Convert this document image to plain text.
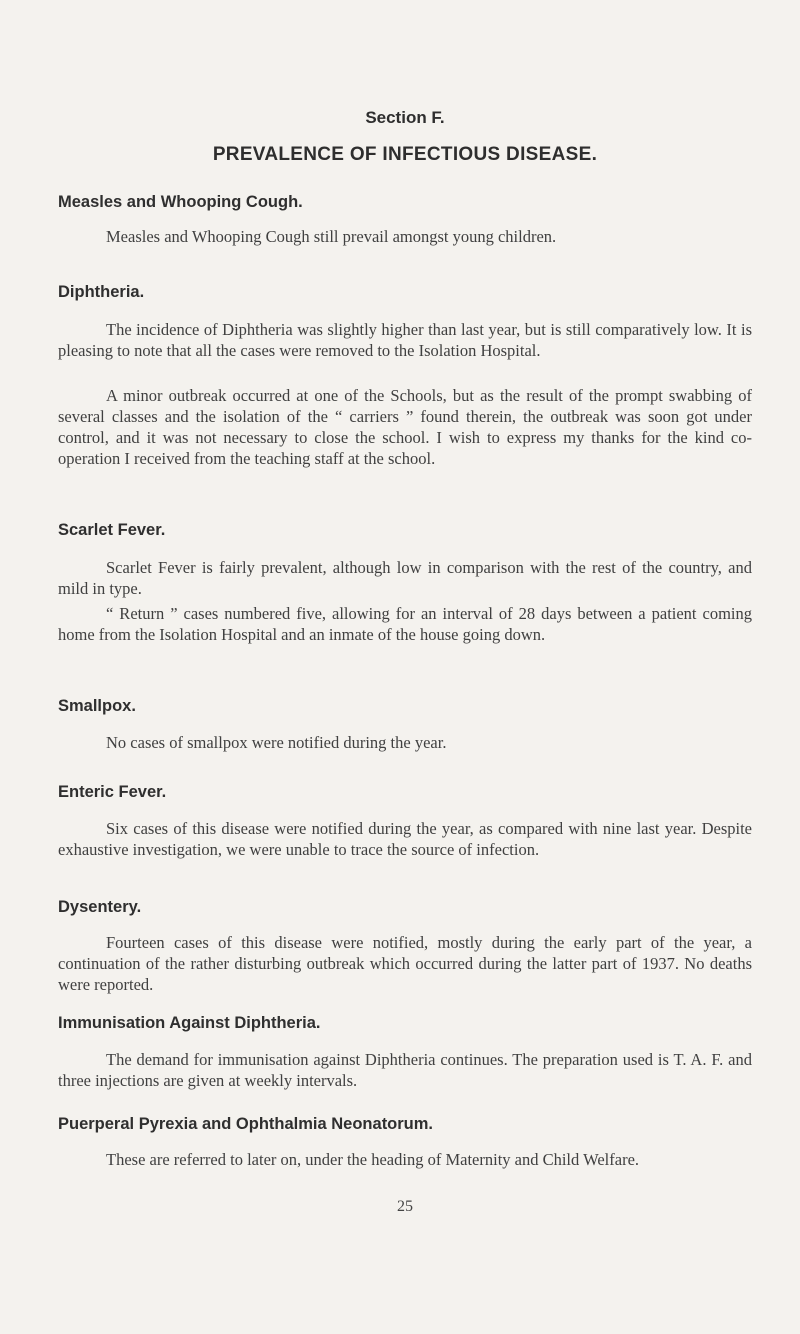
Section F.
PREVALENCE OF INFECTIOUS DISEASE.
Measles and Whooping Cough.
Measles and Whooping Cough still prevail amongst young children.
Diphtheria.
The incidence of Diphtheria was slightly higher than last year, but is still comparatively low. It is pleasing to note that all the cases were removed to the Isolation Hospital.
A minor outbreak occurred at one of the Schools, but as the result of the prompt swabbing of several classes and the isolation of the “ carriers ” found therein, the outbreak was soon got under control, and it was not necessary to close the school. I wish to express my thanks for the kind co-operation I received from the teaching staff at the school.
Scarlet Fever.
Scarlet Fever is fairly prevalent, although low in comparison with the rest of the country, and mild in type.
“ Return ” cases numbered five, allowing for an interval of 28 days between a patient coming home from the Isolation Hospital and an inmate of the house going down.
Smallpox.
No cases of smallpox were notified during the year.
Enteric Fever.
Six cases of this disease were notified during the year, as compared with nine last year. Despite exhaustive investigation, we were unable to trace the source of infection.
Dysentery.
Fourteen cases of this disease were notified, mostly during the early part of the year, a continuation of the rather disturbing outbreak which occurred during the latter part of 1937. No deaths were reported.
Immunisation Against Diphtheria.
The demand for immunisation against Diphtheria continues. The preparation used is T. A. F. and three injections are given at weekly intervals.
Puerperal Pyrexia and Ophthalmia Neonatorum.
These are referred to later on, under the heading of Maternity and Child Welfare.
25
